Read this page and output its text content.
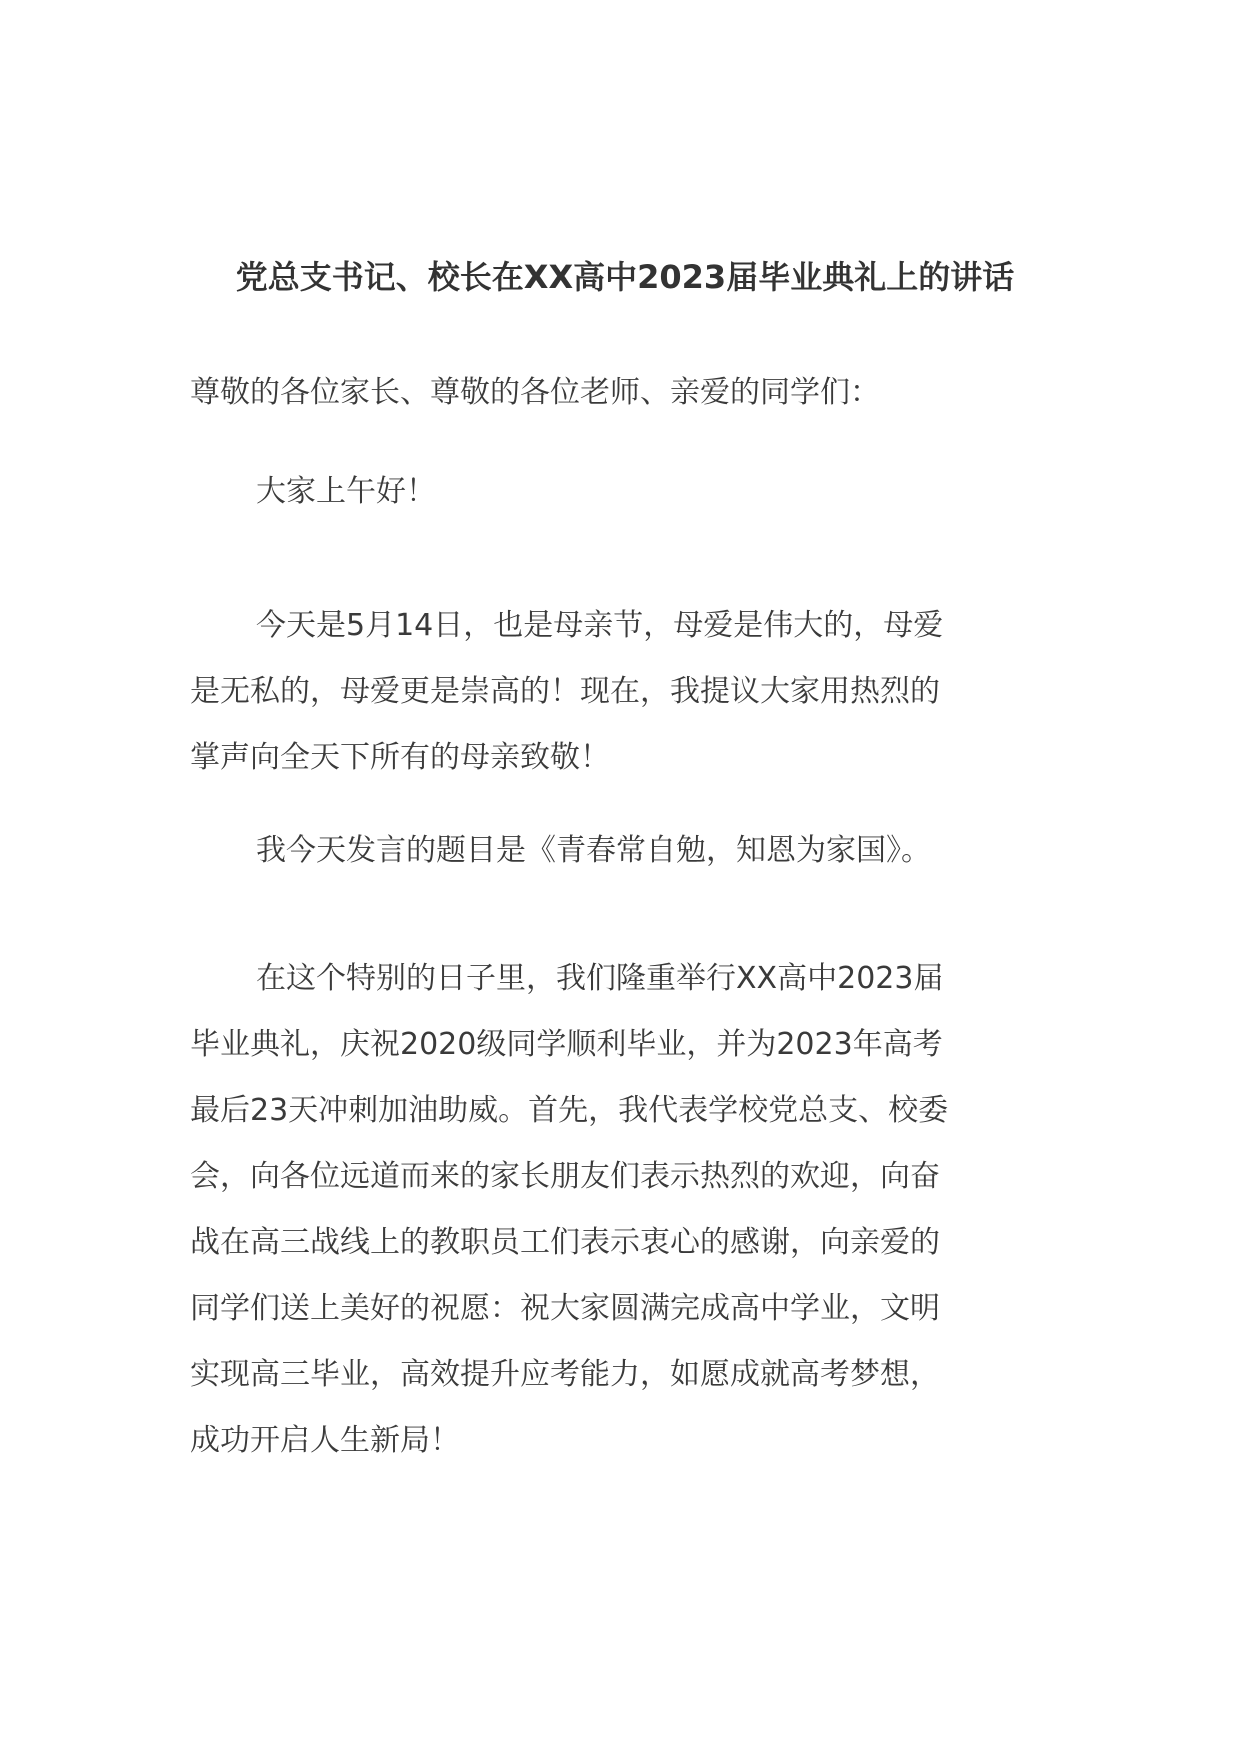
党总支书记、校长在XX高中2023届毕业典礼上的讲话

尊敬的各位家长、尊敬的各位老师、亲爱的同学们：

大家上午好！

今天是5月14日，也是母亲节，母爱是伟大的，母爱
是无私的，母爱更是崇高的！现在，我提议大家用热烈的
掌声向全天下所有的母亲致敬！

我今天发言的题目是《青春常自勉，知恩为家国》。

在这个特别的日子里，我们隆重举行XX高中2023届
毕业典礼，庆祝2020级同学顺利毕业，并为2023年高考
最后23天冲刺加油助威。首先，我代表学校党总支、校委
会，向各位远道而来的家长朋友们表示热烈的欢迎，向奋
战在高三战线上的教职员工们表示衷心的感谢，向亲爱的
同学们送上美好的祝愿：祝大家圆满完成高中学业，文明
实现高三毕业，高效提升应考能力，如愿成就高考梦想，
成功开启人生新局！
